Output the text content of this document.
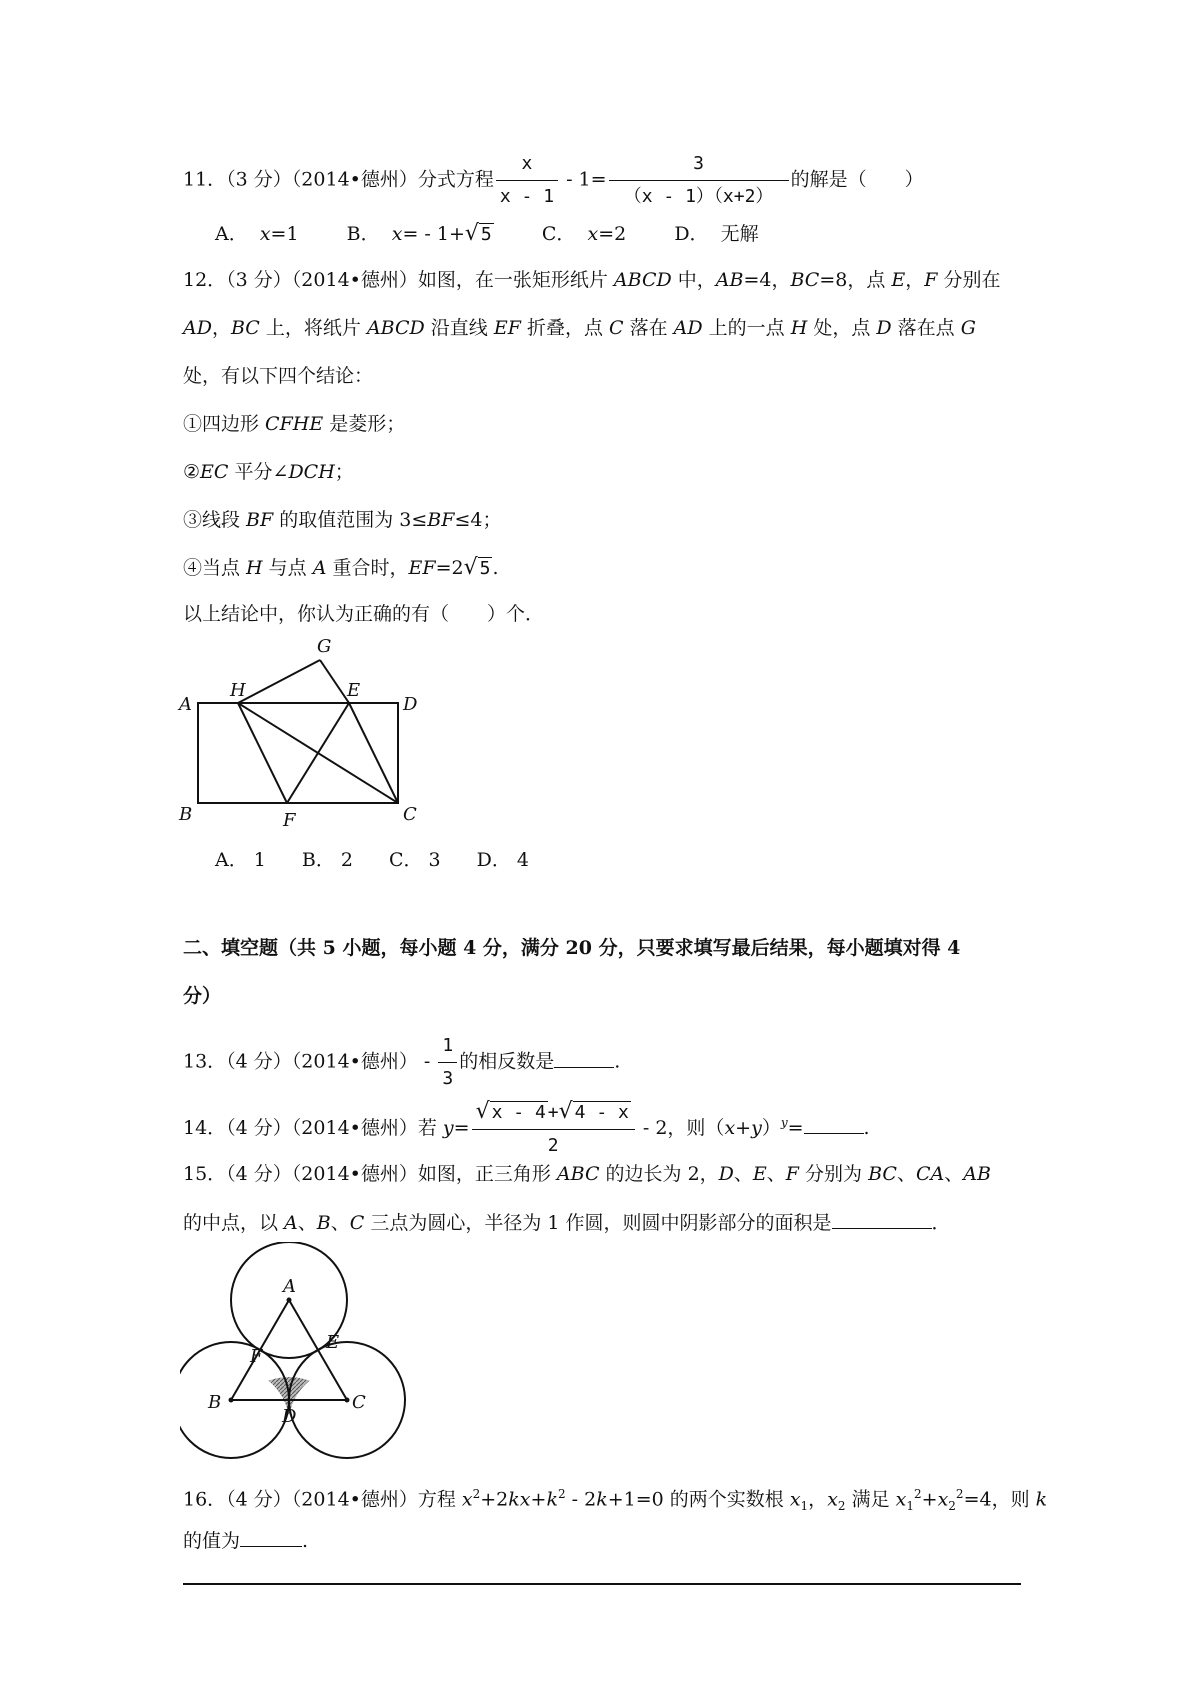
11．（3 分）（2014•德州）分式方程 $\frac{x}{x - 1} - 1= \frac{3}{(x - 1)(x+2)}$ 的解是（　　）
A． x=1	B． x= - 1+√ 5	C． x=2	D． 无解
12．（3 分）（2014•德州）如图，在一张矩形纸片 ABCD 中，AB=4，BC=8，点 E，F 分别在
AD，BC 上，将纸片 ABCD 沿直线 EF 折叠，点 C 落在 AD 上的一点 H 处，点 D 落在点 G
处，有以下四个结论：
①四边形 CFHE 是菱形；
②EC 平分∠DCH；
③线段 BF 的取值范围为 3≤BF≤4；
④当点 H 与点 A 重合时，EF=2√ 5 .
以上结论中，你认为正确的有（　　）个．
A
B	C
D
E
F
G
H
A． 1 B． 2 C． 3 D． 4
二、填空题（共 5 小题，每小题 4 分，满分 20 分，只要求填写最后结果，每小题填对得 4
分）
13．（4 分）（2014•德州） - $\frac{1}{3}$ 的相反数是	.
14．（4 分）（2014•德州）若 $y= \frac{√ x - 4 +√ 4 - x}{2} - 2$，则$(x+y)^y=$	.
15．（4 分）（2014•德州）如图，正三角形 ABC 的边长为 2，D、E、F 分别为 BC、CA、AB
的中点，以 A、B、C 三点为圆心，半径为 1 作圆，则圆中阴影部分的面积是	．
A
B	C
D
E
F
16．（4 分）（2014•德州）方程 $x^2+2kx+k^2 - 2k+1=0$ 的两个实数根 $x_1$，$x_2$ 满足 $x_1^2+x_2^2=4$，则 k
的值为	.
